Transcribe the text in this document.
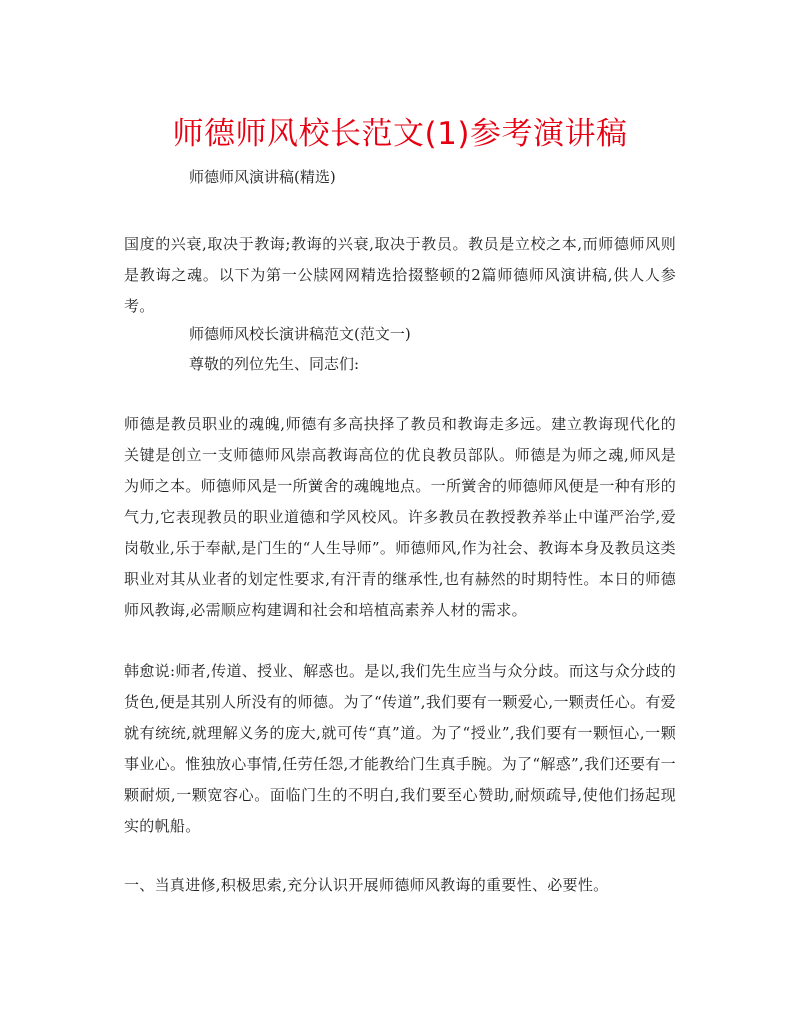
师德师风校长范文(1)参考演讲稿
师德师风演讲稿(精选)

国度的兴衰,取决于教诲;教诲的兴衰,取决于教员。教员是立校之本,而师德师风则是教诲之魂。以下为第一公牍网网精选拾掇整顿的2篇师德师风演讲稿,供人人参考。

师德师风校长演讲稿范文(范文一)
尊敬的列位先生、同志们:

师德是教员职业的魂魄,师德有多高抉择了教员和教诲走多远。建立教诲现代化的关键是创立一支师德师风崇高教诲高位的优良教员部队。师德是为师之魂,师风是为师之本。师德师风是一所黉舍的魂魄地点。一所黉舍的师德师风便是一种有形的气力,它表现教员的职业道德和学风校风。许多教员在教授教养举止中谨严治学,爱岗敬业,乐于奉献,是门生的“人生导师”。师德师风,作为社会、教诲本身及教员这类职业对其从业者的划定性要求,有汗青的继承性,也有赫然的时期特性。本日的师德师风教诲,必需顺应构建调和社会和培植高素养人材的需求。

韩愈说:师者,传道、授业、解惑也。是以,我们先生应当与众分歧。而这与众分歧的货色,便是其别人所没有的师德。为了“传道”,我们要有一颗爱心,一颗责任心。有爱就有统统,就理解义务的庞大,就可传“真”道。为了“授业”,我们要有一颗恒心,一颗事业心。惟独放心事情,任劳任怨,才能教给门生真手腕。为了“解惑”,我们还要有一颗耐烦,一颗宽容心。面临门生的不明白,我们要至心赞助,耐烦疏导,使他们扬起现实的帆船。

一、当真进修,积极思索,充分认识开展师德师风教诲的重要性、必要性。
